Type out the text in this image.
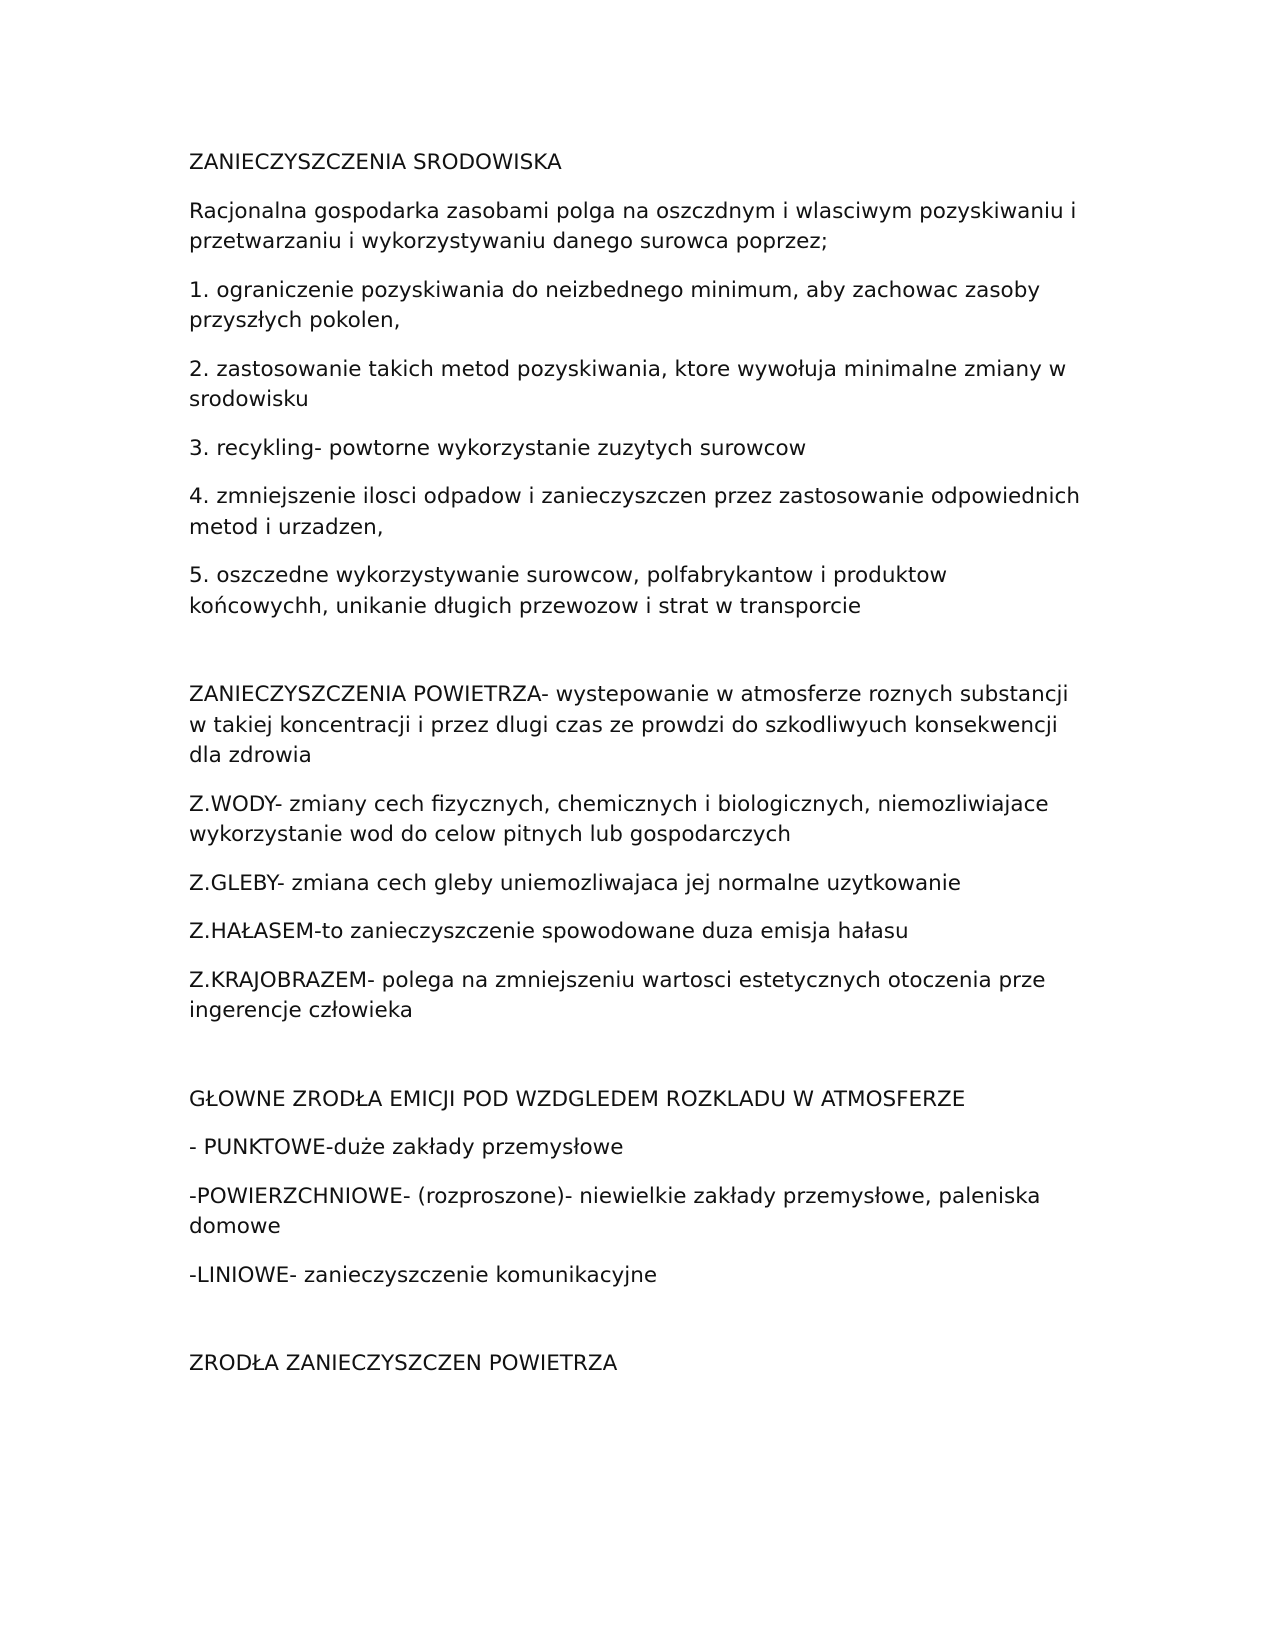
ZANIECZYSZCZENIA SRODOWISKA

Racjonalna gospodarka zasobami polga na oszczdnym i wlasciwym pozyskiwaniu i przetwarzaniu i wykorzystywaniu danego surowca poprzez;

1. ograniczenie pozyskiwania do neizbednego minimum, aby zachowac zasoby przyszłych pokolen,

2. zastosowanie takich metod pozyskiwania, ktore wywołuja minimalne zmiany w srodowisku

3. recykling- powtorne wykorzystanie zuzytych surowcow

4. zmniejszenie ilosci odpadow i zanieczyszczen przez zastosowanie odpowiednich metod i urzadzen,

5. oszczedne wykorzystywanie surowcow, polfabrykantow i produktow końcowychh, unikanie długich przewozow i strat w transporcie

ZANIECZYSZCZENIA POWIETRZA- wystepowanie w atmosferze roznych substancji w takiej koncentracji i przez dlugi czas ze prowdzi do szkodliwyuch konsekwencji dla zdrowia

Z.WODY- zmiany cech fizycznych, chemicznych i biologicznych, niemozliwiajace wykorzystanie wod do celow pitnych lub gospodarczych

Z.GLEBY- zmiana cech gleby uniemozliwajaca jej normalne uzytkowanie

Z.HAŁASEM-to zanieczyszczenie spowodowane duza emisja hałasu

Z.KRAJOBRAZEM- polega na zmniejszeniu wartosci estetycznych otoczenia prze ingerencje człowieka

GŁOWNE ZRODŁA EMICJI POD WZDGLEDEM ROZKLADU W ATMOSFERZE

- PUNKTOWE-duże zakłady przemysłowe

-POWIERZCHNIOWE- (rozproszone)- niewielkie zakłady przemysłowe, paleniska domowe

-LINIOWE- zanieczyszczenie komunikacyjne

ZRODŁA ZANIECZYSZCZEN POWIETRZA
